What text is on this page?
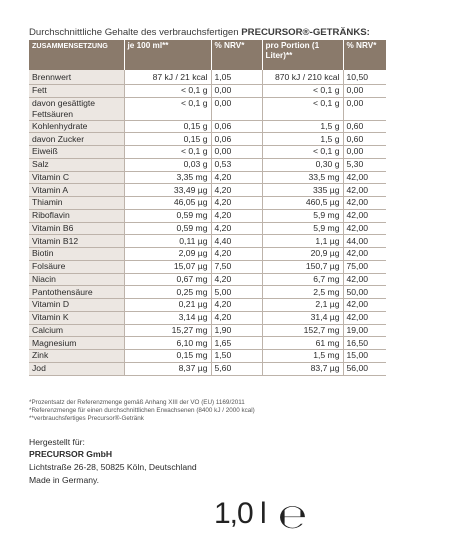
Durchschnittliche Gehalte des verbrauchsfertigen PRECURSOR®-GETRÄNKS:
ZUSAMMENSETZUNG	je 100 ml**	% NRV*	pro Portion (1 Liter)**	% NRV*
Brennwert	87 kJ / 21 kcal	1,05	870 kJ / 210 kcal	10,50
Fett	< 0,1 g	0,00	< 0,1 g	0,00
davon gesättigte Fettsäuren	< 0,1 g	0,00	< 0,1 g	0,00
Kohlenhydrate	0,15 g	0,06	1,5 g	0,60
davon Zucker	0,15 g	0,06	1,5 g	0,60
Eiweiß	< 0,1 g	0,00	< 0,1 g	0,00
Salz	0,03 g	0,53	0,30 g	5,30
Vitamin C	3,35 mg	4,20	33,5 mg	42,00
Vitamin A	33,49 µg	4,20	335 µg	42,00
Thiamin	46,05 µg	4,20	460,5 µg	42,00
Riboflavin	0,59 mg	4,20	5,9 mg	42,00
Vitamin B6	0,59 mg	4,20	5,9 mg	42,00
Vitamin B12	0,11 µg	4,40	1,1 µg	44,00
Biotin	2,09 µg	4,20	20,9 µg	42,00
Folsäure	15,07 µg	7,50	150,7 µg	75,00
Niacin	0,67 mg	4,20	6,7 mg	42,00
Pantothensäure	0,25 mg	5,00	2,5 mg	50,00
Vitamin D	0,21 µg	4,20	2,1 µg	42,00
Vitamin K	3,14 µg	4,20	31,4 µg	42,00
Calcium	15,27 mg	1,90	152,7 mg	19,00
Magnesium	6,10 mg	1,65	61 mg	16,50
Zink	0,15 mg	1,50	1,5 mg	15,00
Jod	8,37 µg	5,60	83,7 µg	56,00
*Prozentsatz der Referenzmenge gemäß Anhang XIII der VO (EU) 1169/2011
*Referenzmenge für einen durchschnittlichen Erwachsenen (8400 kJ / 2000 kcal)
**verbrauchsfertiges Precursor®-Getränk
Hergestellt für:
PRECURSOR GmbH
Lichtstraße 26-28, 50825 Köln, Deutschland
Made in Germany.
1,0 l ℮
